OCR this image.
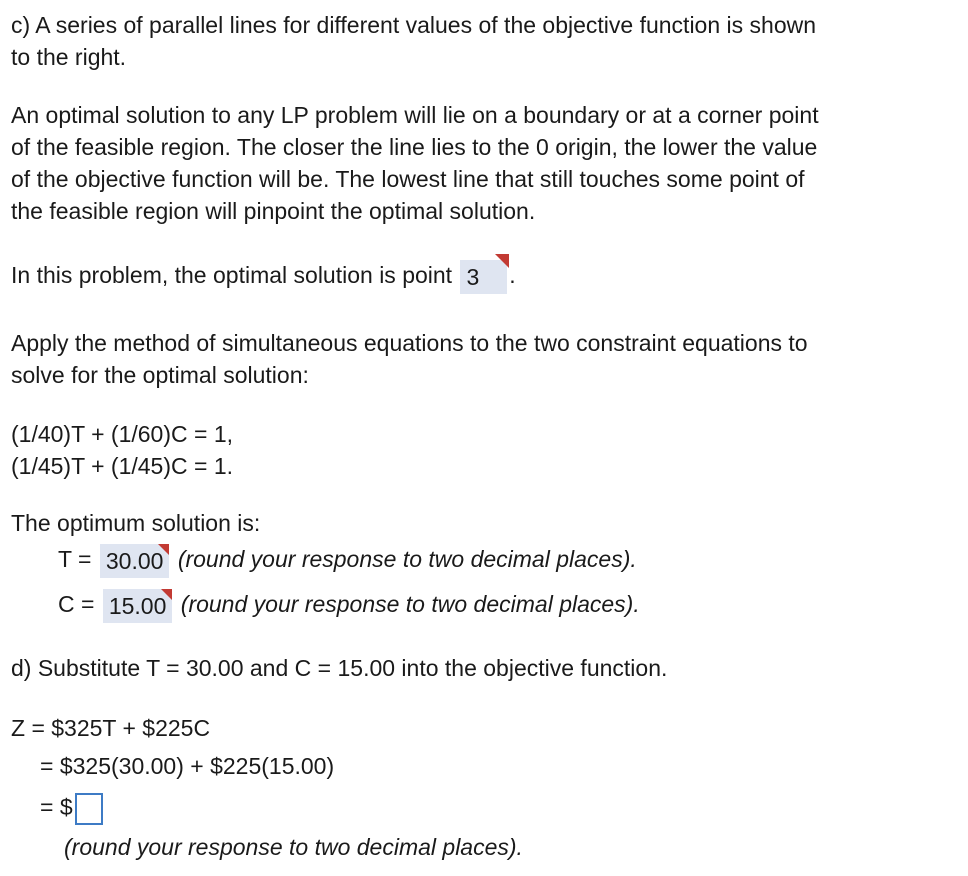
c) A series of parallel lines for different values of the objective function is shown
to the right.
An optimal solution to any LP problem will lie on a boundary or at a corner point
of the feasible region. The closer the line lies to the 0 origin, the lower the value
of the objective function will be. The lowest line that still touches some point of
the feasible region will pinpoint the optimal solution.
In this problem, the optimal solution is point 3 .
Apply the method of simultaneous equations to the two constraint equations to
solve for the optimal solution:
(1/40)T + (1/60)C = 1,
(1/45)T + (1/45)C = 1.
The optimum solution is:
T = 30.00 (round your response to two decimal places).
C = 15.00 (round your response to two decimal places).
d) Substitute T = 30.00 and C = 15.00 into the objective function.
Z = $325T + $225C
= $325(30.00) + $225(15.00)
= $
(round your response to two decimal places).
